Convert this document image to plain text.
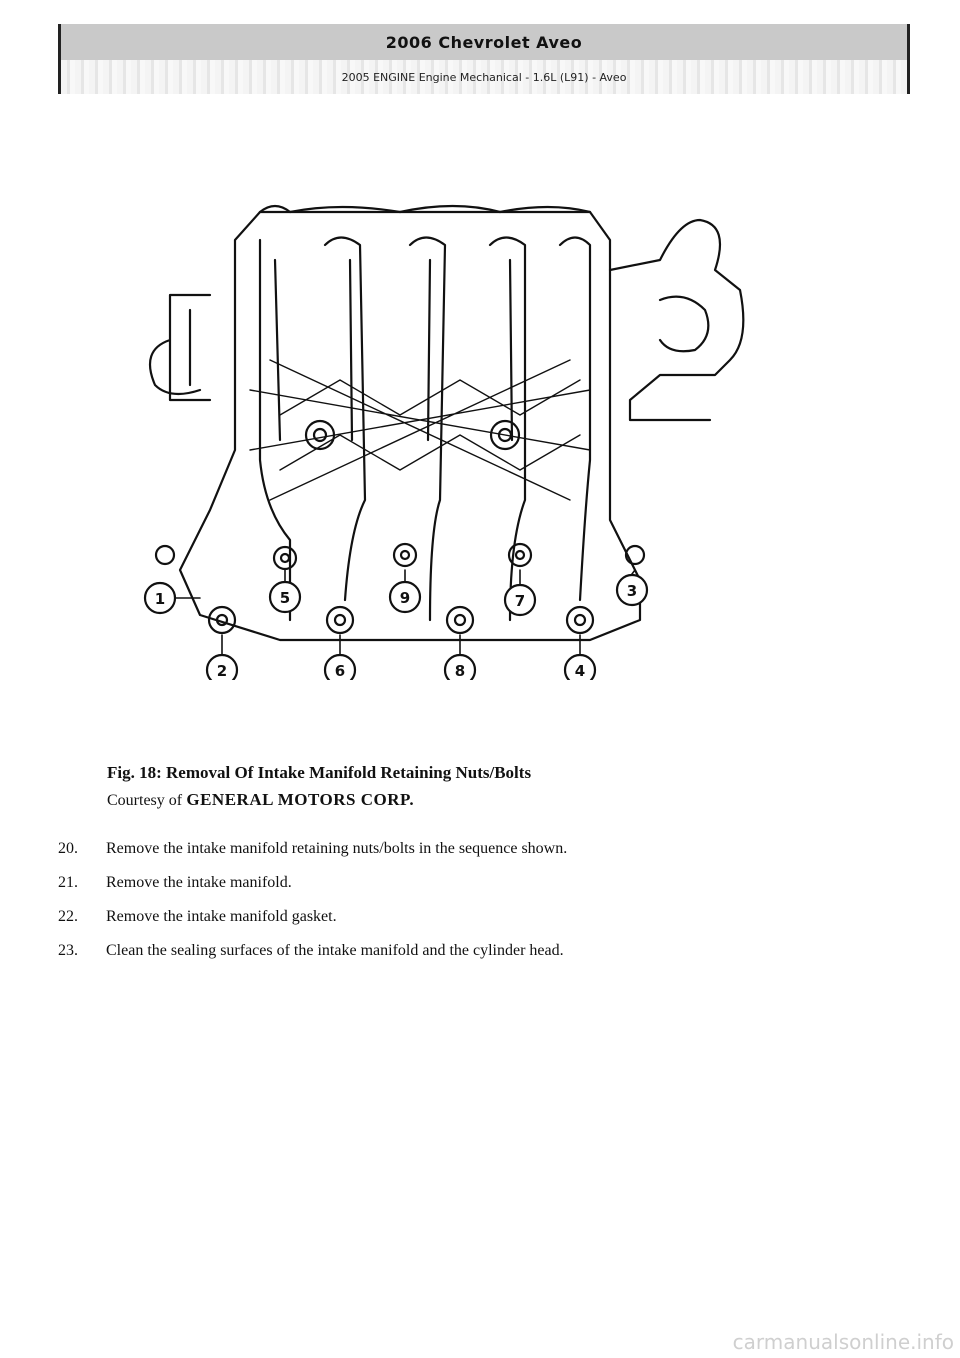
2006 Chevrolet Aveo
2005 ENGINE Engine Mechanical - 1.6L (L91) - Aveo
1
2
3
4
5
6
7
8
9
Fig. 18: Removal Of Intake Manifold Retaining Nuts/Bolts
Courtesy of GENERAL MOTORS CORP.
20.	Remove the intake manifold retaining nuts/bolts in the sequence shown.
21.	Remove the intake manifold.
22.	Remove the intake manifold gasket.
23.	Clean the sealing surfaces of the intake manifold and the cylinder head.
carmanualsonline.info
